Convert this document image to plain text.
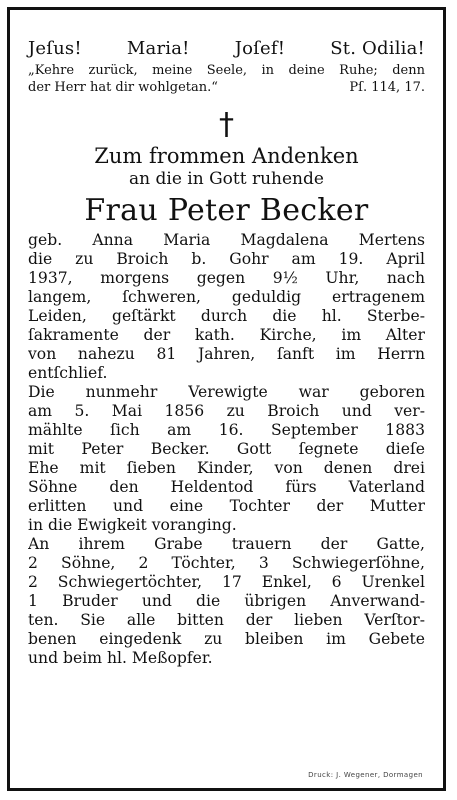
Jeſus!	Maria!	Joſef!	St. Odilia!
„Kehre zurück, meine Seele, in deine Ruhe; denn
der Herr hat dir wohlgetan.“	Pſ. 114, 17.
†
Zum frommen Andenken
an die in Gott ruhende
Frau Peter Becker
geb. Anna Maria Magdalena Mertens
die zu Broich b. Gohr am 19. April
1937, morgens gegen 9½ Uhr, nach
langem, ſchweren, geduldig ertragenem
Leiden, geſtärkt durch die hl. Sterbe-
ſakramente der kath. Kirche, im Alter
von nahezu 81 Jahren, ſanft im Herrn
entſchlief.
Die nunmehr Verewigte war geboren
am 5. Mai 1856 zu Broich und ver-
mählte ſich am 16. September 1883
mit Peter Becker. Gott ſegnete dieſe
Ehe mit ſieben Kinder, von denen drei
Söhne den Heldentod fürs Vaterland
erlitten und eine Tochter der Mutter
in die Ewigkeit voranging.
An ihrem Grabe trauern der Gatte,
2 Söhne, 2 Töchter, 3 Schwiegerſöhne,
2 Schwiegertöchter, 17 Enkel, 6 Urenkel
1 Bruder und die übrigen Anverwand-
ten. Sie alle bitten der lieben Verſtor-
benen eingedenk zu bleiben im Gebete
und beim hl. Meßopfer.
Druck: J. Wegener, Dormagen
